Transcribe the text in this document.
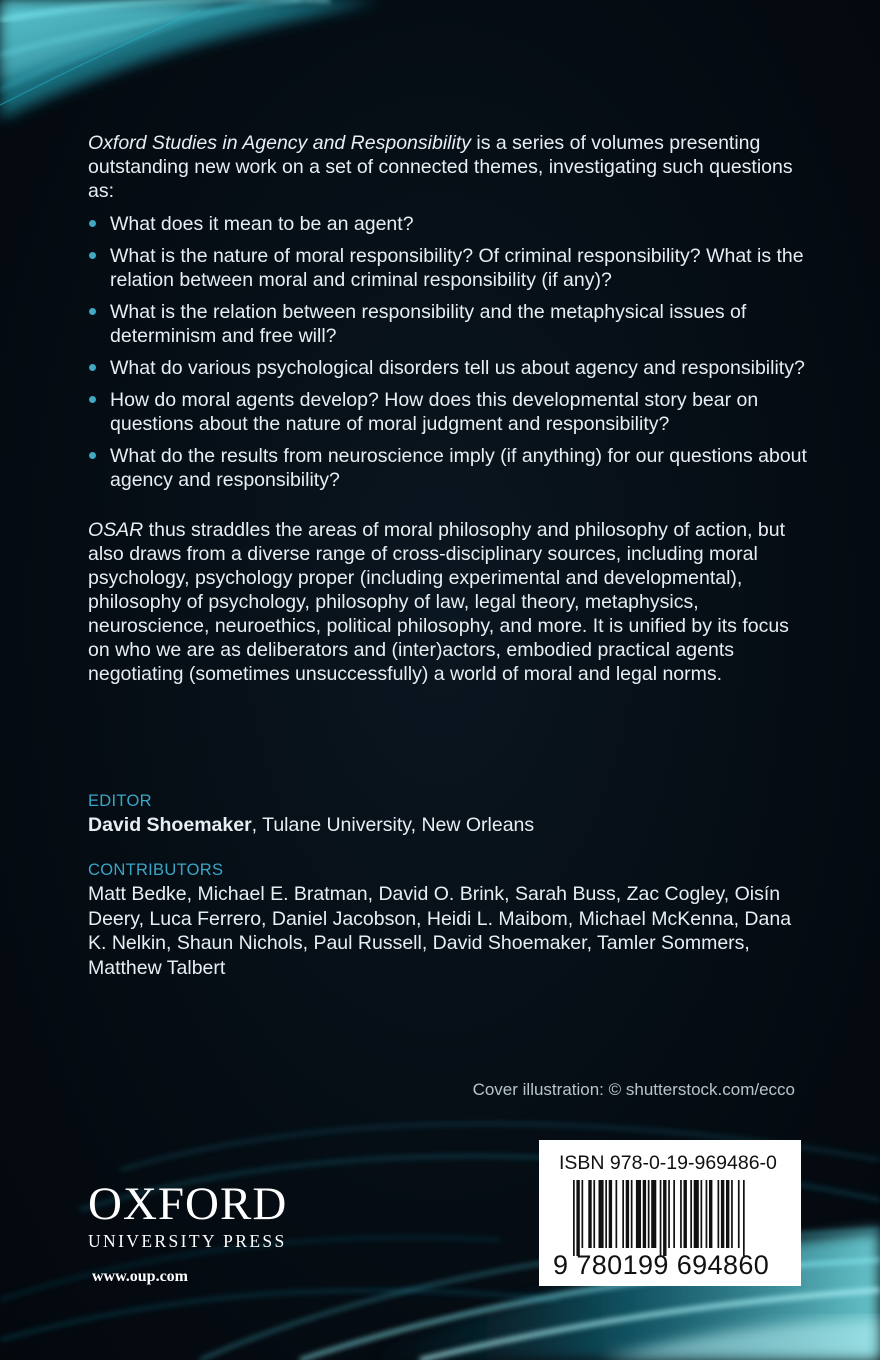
Oxford Studies in Agency and Responsibility is a series of volumes presenting outstanding new work on a set of connected themes, investigating such questions as:

What does it mean to be an agent?
What is the nature of moral responsibility? Of criminal responsibility? What is the relation between moral and criminal responsibility (if any)?
What is the relation between responsibility and the metaphysical issues of determinism and free will?
What do various psychological disorders tell us about agency and responsibility?
How do moral agents develop? How does this developmental story bear on questions about the nature of moral judgment and responsibility?
What do the results from neuroscience imply (if anything) for our questions about agency and responsibility?

OSAR thus straddles the areas of moral philosophy and philosophy of action, but also draws from a diverse range of cross-disciplinary sources, including moral psychology, psychology proper (including experimental and developmental), philosophy of psychology, philosophy of law, legal theory, metaphysics, neuroscience, neuroethics, political philosophy, and more. It is unified by its focus on who we are as deliberators and (inter)actors, embodied practical agents negotiating (sometimes unsuccessfully) a world of moral and legal norms.

EDITOR

David Shoemaker, Tulane University, New Orleans

CONTRIBUTORS

Matt Bedke, Michael E. Bratman, David O. Brink, Sarah Buss, Zac Cogley, Oisín Deery, Luca Ferrero, Daniel Jacobson, Heidi L. Maibom, Michael McKenna, Dana K. Nelkin, Shaun Nichols, Paul Russell, David Shoemaker, Tamler Sommers, Matthew Talbert
Cover illustration: © shutterstock.com/ecco
OXFORD
UNIVERSITY PRESS
www.oup.com
ISBN 978-0-19-969486-0
9 780199 694860
